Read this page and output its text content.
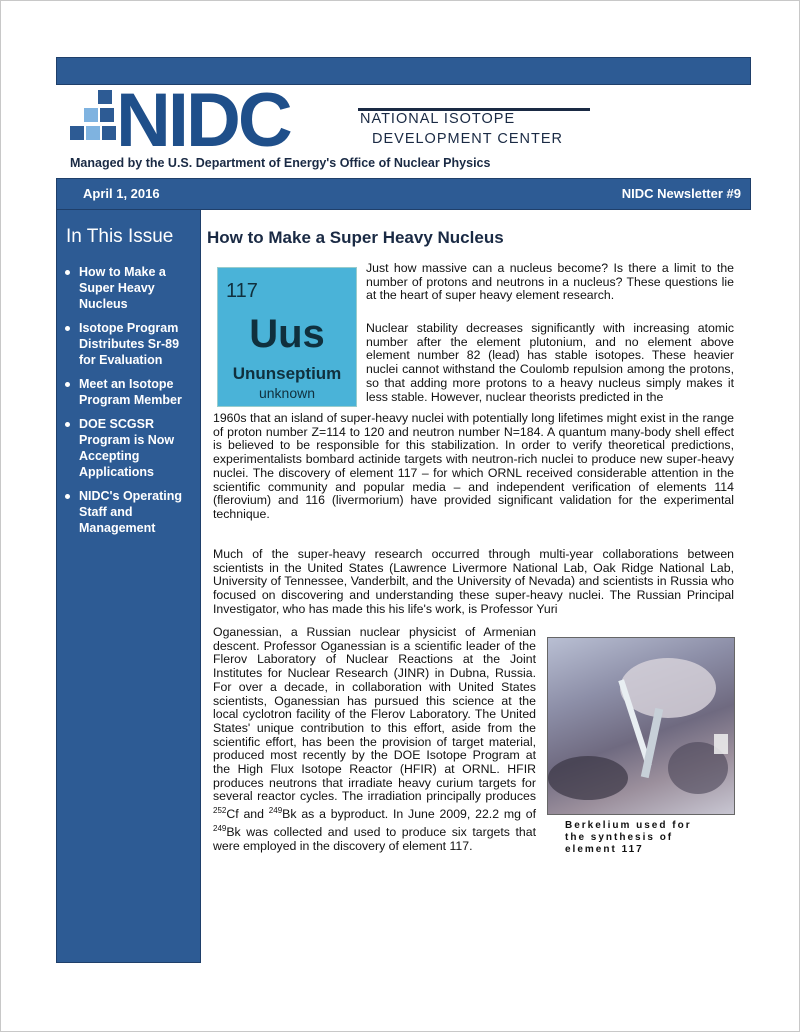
NIDC	NATIONAL ISOTOPE
DEVELOPMENT CENTER
Managed by the U.S. Department of Energy's Office of Nuclear Physics
April 1, 2016	NIDC Newsletter #9
In This Issue
How to Make a Super Heavy Nucleus
Isotope Program Distributes Sr-89 for Evaluation
Meet an Isotope Program Member
DOE SCGSR Program is Now Accepting Applications
NIDC's Operating Staff and Management
How to Make a Super Heavy Nucleus
117
Uus
Ununseptium
unknown
Just how massive can a nucleus become? Is there a limit to the number of protons and neutrons in a nucleus? These questions lie at the heart of super heavy element research.
Nuclear stability decreases significantly with increasing atomic number after the element plutonium, and no element above element number 82 (lead) has stable isotopes. These heavier nuclei cannot withstand the Coulomb repulsion among the protons, so that adding more protons to a heavy nucleus simply makes it less stable. However, nuclear theorists predicted in the
1960s that an island of super-heavy nuclei with potentially long lifetimes might exist in the range of proton number Z=114 to 120 and neutron number N=184. A quantum many-body shell effect is believed to be responsible for this stabilization. In order to verify theoretical predictions, experimentalists bombard actinide targets with neutron-rich nuclei to produce new super-heavy nuclei. The discovery of element 117 – for which ORNL received considerable attention in the scientific community and popular media – and independent verification of elements 114 (flerovium) and 116 (livermorium) have provided significant validation for the experimental technique.
Much of the super-heavy research occurred through multi-year collaborations between scientists in the United States (Lawrence Livermore National Lab, Oak Ridge National Lab, University of Tennessee, Vanderbilt, and the University of Nevada) and scientists in Russia who focused on discovering and understanding these super-heavy nuclei. The Russian Principal Investigator, who has made this his life's work, is Professor Yuri
Oganessian, a Russian nuclear physicist of Armenian descent. Professor Oganessian is a scientific leader of the Flerov Laboratory of Nuclear Reactions at the Joint Institutes for Nuclear Research (JINR) in Dubna, Russia. For over a decade, in collaboration with United States scientists, Oganessian has pursued this science at the local cyclotron facility of the Flerov Laboratory. The United States' unique contribution to this effort, aside from the scientific effort, has been the provision of target material, produced most recently by the DOE Isotope Program at the High Flux Isotope Reactor (HFIR) at ORNL. HFIR produces neutrons that irradiate heavy curium targets for several reactor cycles. The irradiation principally produces $^{252}$Cf and $^{249}$Bk as a byproduct. In June 2009, 22.2 mg of $^{249}$Bk was collected and used to produce six targets that were employed in the discovery of element 117.
Berkelium used for the synthesis of element 117
